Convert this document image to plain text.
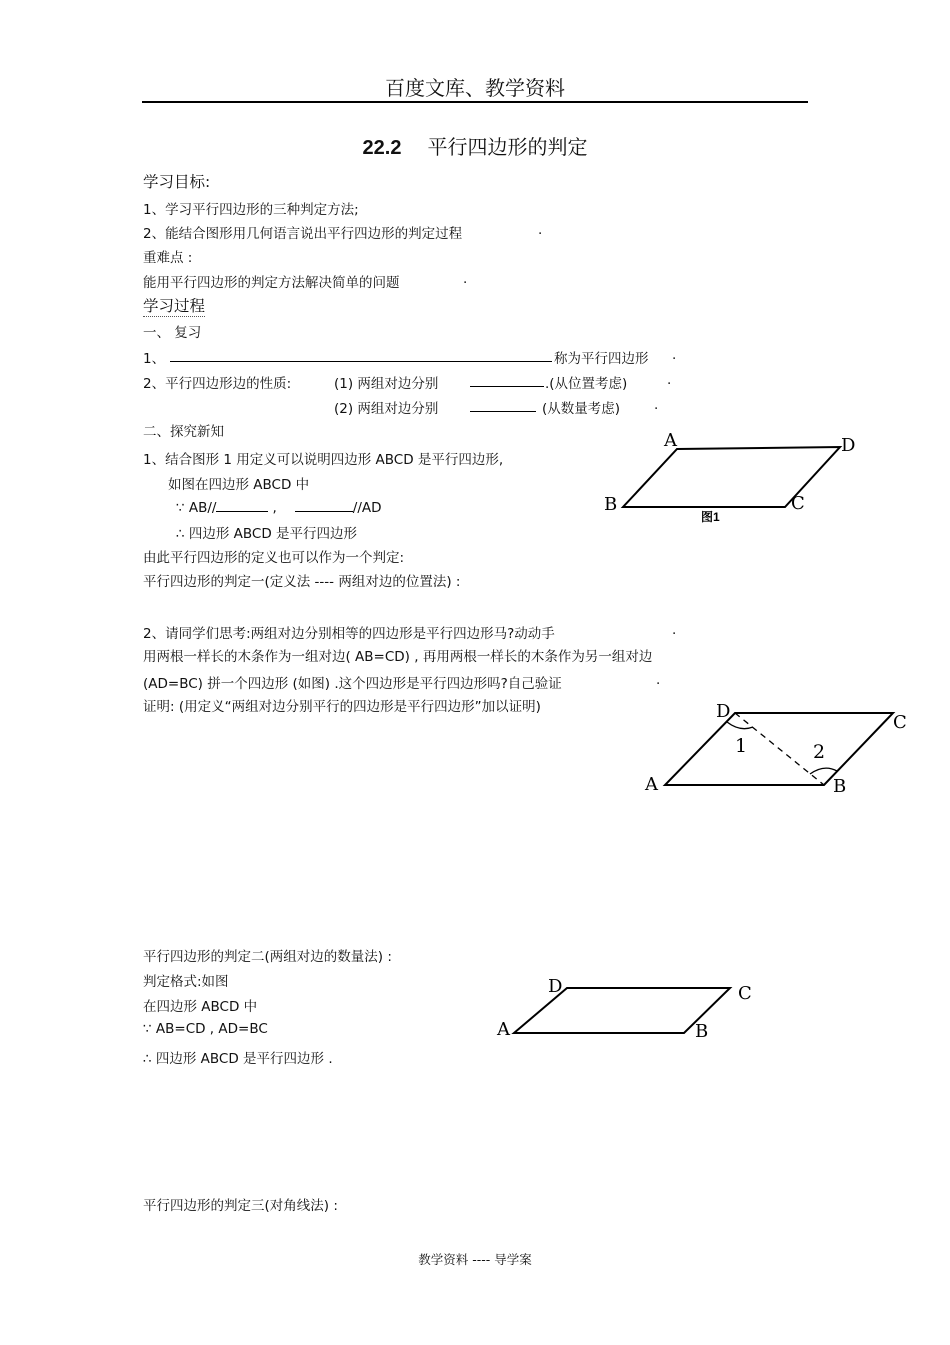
百度文库、教学资料
22.2 平行四边形的判定
学习目标:
1、学习平行四边形的三种判定方法;
2、能结合图形用几何语言说出平行四边形的判定过程	.
重难点 :
能用平行四边形的判定方法解决简单的问题	.
学习过程
一、 复习
1、	称为平行四边形 .
2、平行四边形边的性质:	(1) 两组对边分别	.(从位置考虑)	.
(2) 两组对边分别	(从数量考虑)	.
二、探究新知
1、结合图形 1 用定义可以说明四边形 ABCD 是平行四边形,
如图在四边形 ABCD 中
∵ AB//	,	//AD
∴ 四边形 ABCD 是平行四边形
由此平行四边形的定义也可以作为一个判定:
平行四边形的判定一(定义法 ---- 两组对边的位置法) :
2、请同学们思考:两组对边分别相等的四边形是平行四边形马?动动手	.
用两根一样长的木条作为一组对边( AB=CD) , 再用两根一样长的木条作为另一组对边
(AD=BC) 拼一个四边形 (如图) .这个四边形是平行四边形吗?自己验证	.
证明: (用定义“两组对边分别平行的四边形是平行四边形”加以证明)
平行四边形的判定二(两组对边的数量法) :
判定格式:如图
在四边形 ABCD 中
∵ AB=CD , AD=BC
∴ 四边形 ABCD 是平行四边形 .
平行四边形的判定三(对角线法) :
A	D
B	C
图1
D
C
A	B
1	2
D	C
A	B
教学资料 ---- 导学案
